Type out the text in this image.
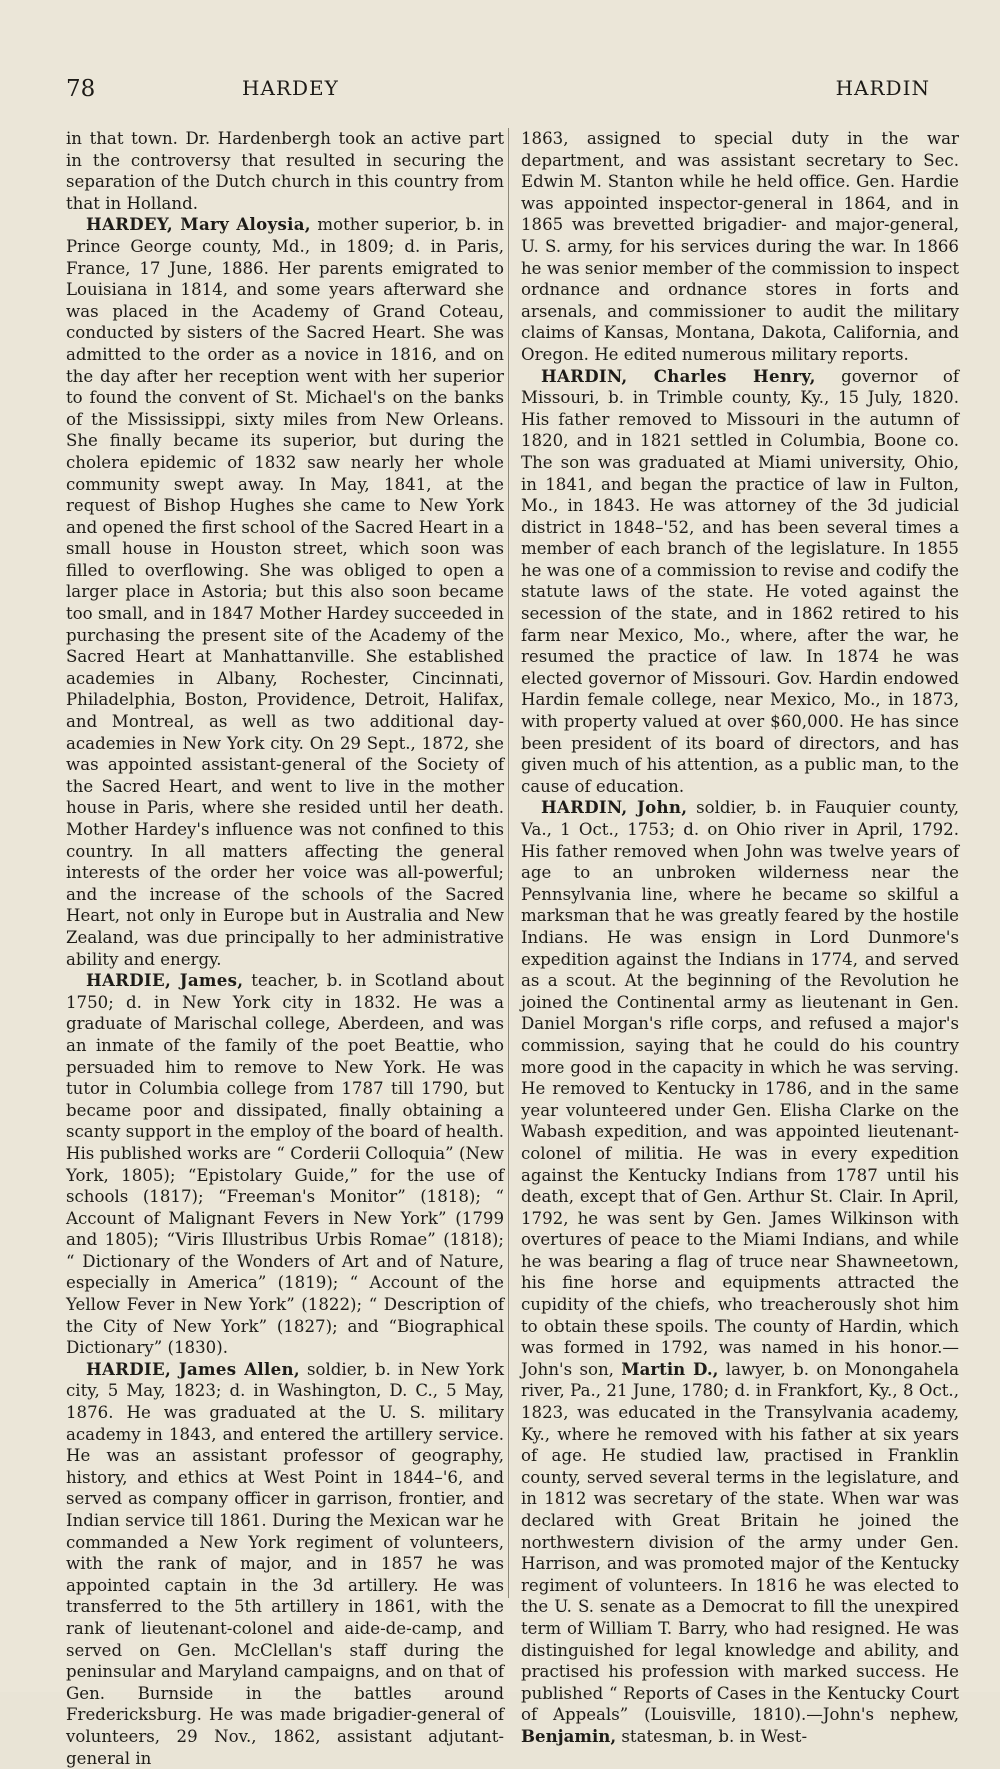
78	HARDEY	HARDIN

in that town. Dr. Hardenbergh took an active part in the controversy that resulted in securing the separation of the Dutch church in this country from that in Holland.

HARDEY, Mary Aloysia, mother superior, b. in Prince George county, Md., in 1809; d. in Paris, France, 17 June, 1886. Her parents emigrated to Louisiana in 1814, and some years afterward she was placed in the Academy of Grand Coteau, conducted by sisters of the Sacred Heart. She was admitted to the order as a novice in 1816, and on the day after her reception went with her superior to found the convent of St. Michael's on the banks of the Mississippi, sixty miles from New Orleans. She finally became its superior, but during the cholera epidemic of 1832 saw nearly her whole community swept away. In May, 1841, at the request of Bishop Hughes she came to New York and opened the first school of the Sacred Heart in a small house in Houston street, which soon was filled to overflowing. She was obliged to open a larger place in Astoria; but this also soon became too small, and in 1847 Mother Hardey succeeded in purchasing the present site of the Academy of the Sacred Heart at Manhattanville. She established academies in Albany, Rochester, Cincinnati, Philadelphia, Boston, Providence, Detroit, Halifax, and Montreal, as well as two additional day-academies in New York city. On 29 Sept., 1872, she was appointed assistant-general of the Society of the Sacred Heart, and went to live in the mother house in Paris, where she resided until her death. Mother Hardey's influence was not confined to this country. In all matters affecting the general interests of the order her voice was all-powerful; and the increase of the schools of the Sacred Heart, not only in Europe but in Australia and New Zealand, was due principally to her administrative ability and energy.

HARDIE, James, teacher, b. in Scotland about 1750; d. in New York city in 1832. He was a graduate of Marischal college, Aberdeen, and was an inmate of the family of the poet Beattie, who persuaded him to remove to New York. He was tutor in Columbia college from 1787 till 1790, but became poor and dissipated, finally obtaining a scanty support in the employ of the board of health. His published works are “ Corderii Colloquia” (New York, 1805); “Epistolary Guide,” for the use of schools (1817); “Freeman's Monitor” (1818); “ Account of Malignant Fevers in New York” (1799 and 1805); “Viris Illustribus Urbis Romae” (1818); “ Dictionary of the Wonders of Art and of Nature, especially in America” (1819); “ Account of the Yellow Fever in New York” (1822); “ Description of the City of New York” (1827); and “Biographical Dictionary” (1830).

HARDIE, James Allen, soldier, b. in New York city, 5 May, 1823; d. in Washington, D. C., 5 May, 1876. He was graduated at the U. S. military academy in 1843, and entered the artillery service. He was an assistant professor of geography, history, and ethics at West Point in 1844–'6, and served as company officer in garrison, frontier, and Indian service till 1861. During the Mexican war he commanded a New York regiment of volunteers, with the rank of major, and in 1857 he was appointed captain in the 3d artillery. He was transferred to the 5th artillery in 1861, with the rank of lieutenant-colonel and aide-de-camp, and served on Gen. McClellan's staff during the peninsular and Maryland campaigns, and on that of Gen. Burnside in the battles around Fredericksburg. He was made brigadier-general of volunteers, 29 Nov., 1862, assistant adjutant-general in

1863, assigned to special duty in the war department, and was assistant secretary to Sec. Edwin M. Stanton while he held office. Gen. Hardie was appointed inspector-general in 1864, and in 1865 was brevetted brigadier- and major-general, U. S. army, for his services during the war. In 1866 he was senior member of the commission to inspect ordnance and ordnance stores in forts and arsenals, and commissioner to audit the military claims of Kansas, Montana, Dakota, California, and Oregon. He edited numerous military reports.

HARDIN, Charles Henry, governor of Missouri, b. in Trimble county, Ky., 15 July, 1820. His father removed to Missouri in the autumn of 1820, and in 1821 settled in Columbia, Boone co. The son was graduated at Miami university, Ohio, in 1841, and began the practice of law in Fulton, Mo., in 1843. He was attorney of the 3d judicial district in 1848–'52, and has been several times a member of each branch of the legislature. In 1855 he was one of a commission to revise and codify the statute laws of the state. He voted against the secession of the state, and in 1862 retired to his farm near Mexico, Mo., where, after the war, he resumed the practice of law. In 1874 he was elected governor of Missouri. Gov. Hardin endowed Hardin female college, near Mexico, Mo., in 1873, with property valued at over $60,000. He has since been president of its board of directors, and has given much of his attention, as a public man, to the cause of education.

HARDIN, John, soldier, b. in Fauquier county, Va., 1 Oct., 1753; d. on Ohio river in April, 1792. His father removed when John was twelve years of age to an unbroken wilderness near the Pennsylvania line, where he became so skilful a marksman that he was greatly feared by the hostile Indians. He was ensign in Lord Dunmore's expedition against the Indians in 1774, and served as a scout. At the beginning of the Revolution he joined the Continental army as lieutenant in Gen. Daniel Morgan's rifle corps, and refused a major's commission, saying that he could do his country more good in the capacity in which he was serving. He removed to Kentucky in 1786, and in the same year volunteered under Gen. Elisha Clarke on the Wabash expedition, and was appointed lieutenant-colonel of militia. He was in every expedition against the Kentucky Indians from 1787 until his death, except that of Gen. Arthur St. Clair. In April, 1792, he was sent by Gen. James Wilkinson with overtures of peace to the Miami Indians, and while he was bearing a flag of truce near Shawneetown, his fine horse and equipments attracted the cupidity of the chiefs, who treacherously shot him to obtain these spoils. The county of Hardin, which was formed in 1792, was named in his honor.—John's son, Martin D., lawyer, b. on Monongahela river, Pa., 21 June, 1780; d. in Frankfort, Ky., 8 Oct., 1823, was educated in the Transylvania academy, Ky., where he removed with his father at six years of age. He studied law, practised in Franklin county, served several terms in the legislature, and in 1812 was secretary of the state. When war was declared with Great Britain he joined the northwestern division of the army under Gen. Harrison, and was promoted major of the Kentucky regiment of volunteers. In 1816 he was elected to the U. S. senate as a Democrat to fill the unexpired term of William T. Barry, who had resigned. He was distinguished for legal knowledge and ability, and practised his profession with marked success. He published “ Reports of Cases in the Kentucky Court of Appeals” (Louisville, 1810).—John's nephew, Benjamin, statesman, b. in West-
